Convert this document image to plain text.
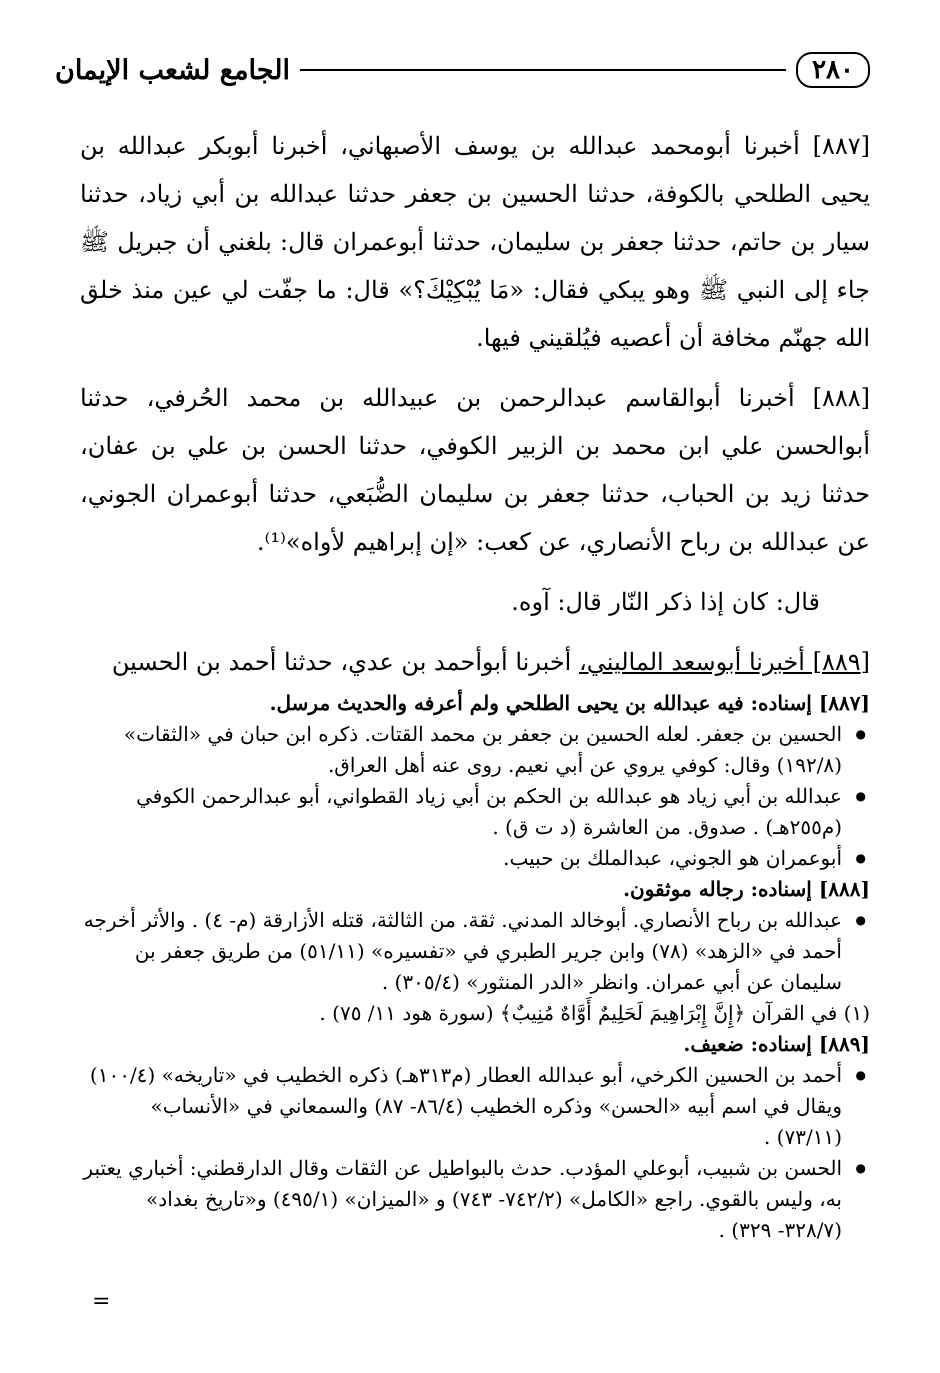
٢٨٠
الجامع لشعب الإيمان

[٨٨٧] أخبرنا أبومحمد عبدالله بن يوسف الأصبهاني، أخبرنا أبوبكر عبدالله بن يحيى الطلحي بالكوفة، حدثنا الحسين بن جعفر حدثنا عبدالله بن أبي زياد، حدثنا سيار بن حاتم، حدثنا جعفر بن سليمان، حدثنا أبوعمران قال: بلغني أن جبريل ﷺ جاء إلى النبي ﷺ وهو يبكي فقال: «مَا يُبْكِيْكَ؟» قال: ما جفّت لي عين منذ خلق الله جهنّم مخافة أن أعصيه فيُلقيني فيها.

[٨٨٨] أخبرنا أبوالقاسم عبدالرحمن بن عبيدالله بن محمد الحُرفي، حدثنا أبوالحسن علي ابن محمد بن الزبير الكوفي، حدثنا الحسن بن علي بن عفان، حدثنا زيد بن الحباب، حدثنا جعفر بن سليمان الضُّبَعي، حدثنا أبوعمران الجوني، عن عبدالله بن رباح الأنصاري، عن كعب: «إن إبراهيم لأواه»⁽¹⁾.

قال: كان إذا ذكر النّار قال: آوه.

[٨٨٩] أخبرنا أبوسعد الماليني، أخبرنا أبوأحمد بن عدي، حدثنا أحمد بن الحسين

[٨٨٧] إسناده: فيه عبدالله بن يحيى الطلحي ولم أعرفه والحديث مرسل.

● الحسين بن جعفر. لعله الحسين بن جعفر بن محمد القتات. ذكره ابن حبان في «الثقات» (١٩٢/٨) وقال: كوفي يروي عن أبي نعيم. روى عنه أهل العراق.

● عبدالله بن أبي زياد هو عبدالله بن الحكم بن أبي زياد القطواني، أبو عبدالرحمن الكوفي (م٢٥٥هـ) . صدوق. من العاشرة (د ت ق) .

● أبوعمران هو الجوني، عبدالملك بن حبيب.

[٨٨٨] إسناده: رجاله موثقون.

● عبدالله بن رباح الأنصاري. أبوخالد المدني. ثقة. من الثالثة، قتله الأزارقة (م- ٤) . والأثر أخرجه أحمد في «الزهد» (٧٨) وابن جرير الطبري في «تفسيره» (٥١/١١) من طريق جعفر بن سليمان عن أبي عمران. وانظر «الدر المنثور» (٣٠٥/٤) .

(١) في القرآن ﴿إِنَّ إِبْرَاهِيمَ لَحَلِيمٌ أَوَّاهٌ مُنِيبٌ﴾ (سورة هود ١١/ ٧٥) .

[٨٨٩] إسناده: ضعيف.

● أحمد بن الحسين الكرخي، أبو عبدالله العطار (م٣١٣هـ) ذكره الخطيب في «تاريخه» (١٠٠/٤) ويقال في اسم أبيه «الحسن» وذكره الخطيب (٨٦/٤- ٨٧) والسمعاني في «الأنساب» (٧٣/١١) .

● الحسن بن شبيب، أبوعلي المؤدب. حدث بالبواطيل عن الثقات وقال الدارقطني: أخباري يعتبر به، وليس بالقوي. راجع «الكامل» (٧٤٢/٢- ٧٤٣) و «الميزان» (٤٩٥/١) و«تاريخ بغداد» (٣٢٨/٧- ٣٢٩) .

=
